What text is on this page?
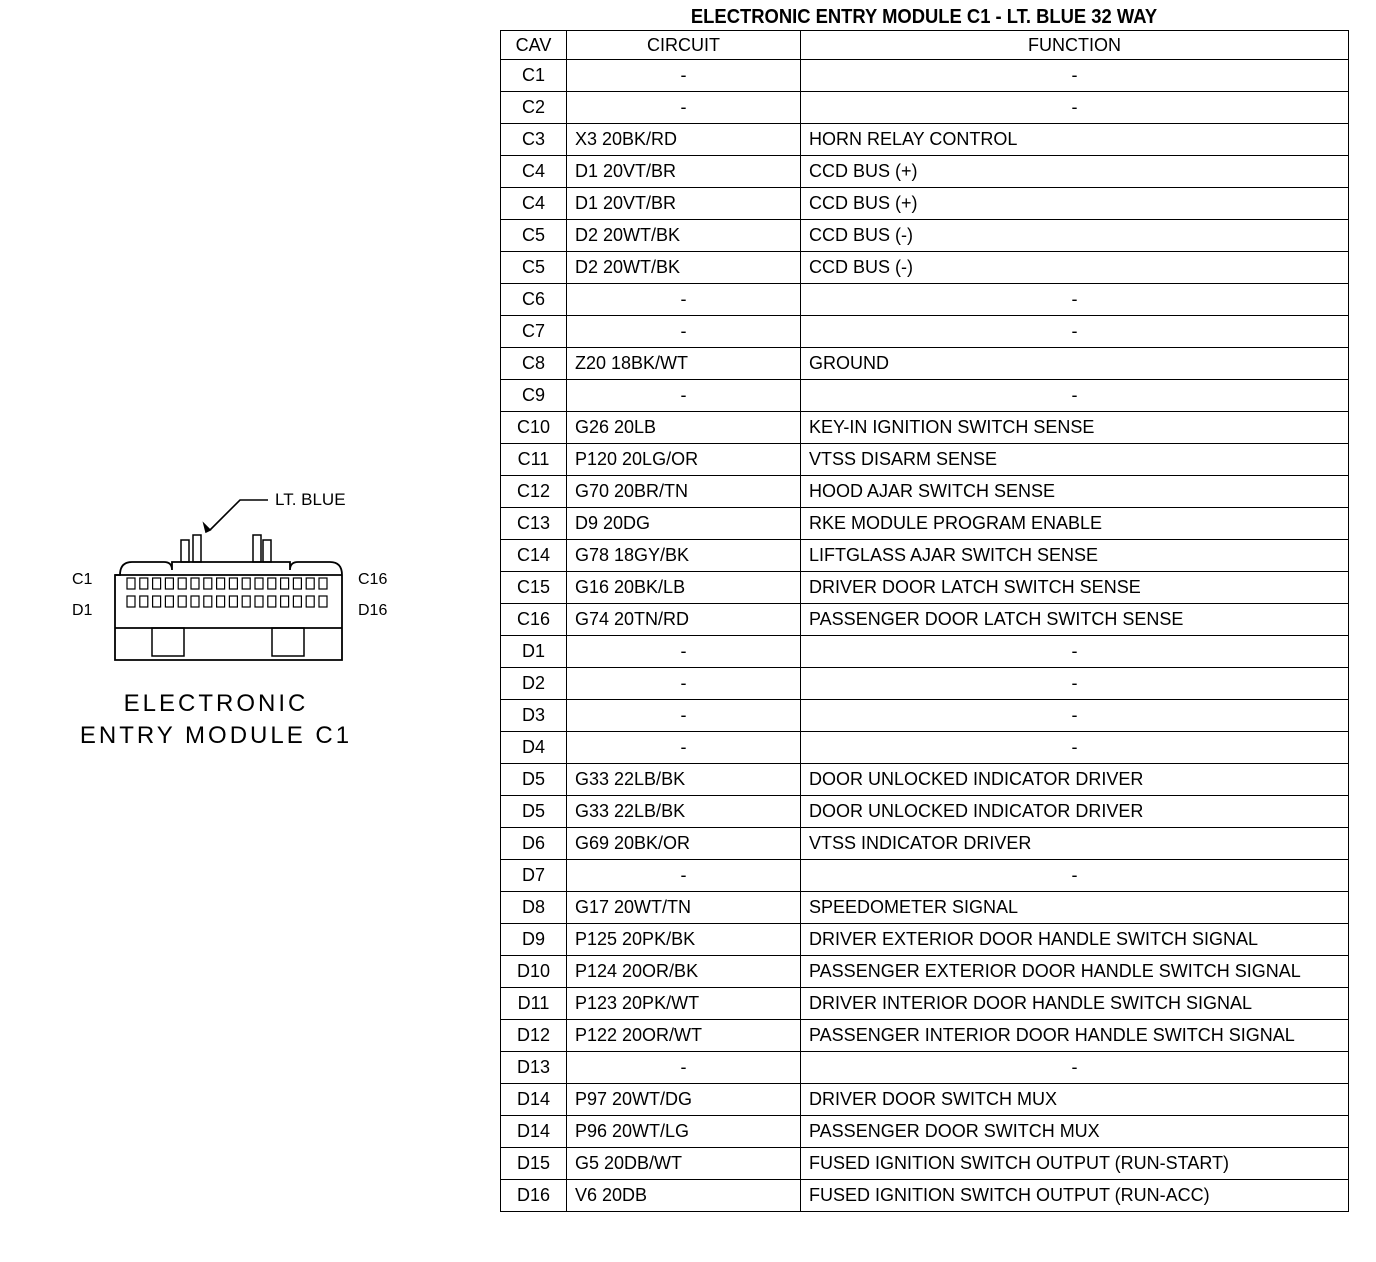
ELECTRONIC ENTRY MODULE C1 - LT. BLUE 32 WAY
CAV	CIRCUIT	FUNCTION
C1	-	-
C2	-	-
C3	X3 20BK/RD	HORN RELAY CONTROL
C4	D1 20VT/BR	CCD BUS (+)
C4	D1 20VT/BR	CCD BUS (+)
C5	D2 20WT/BK	CCD BUS (-)
C5	D2 20WT/BK	CCD BUS (-)
C6	-	-
C7	-	-
C8	Z20 18BK/WT	GROUND
C9	-	-
C10	G26 20LB	KEY-IN IGNITION SWITCH SENSE
C11	P120 20LG/OR	VTSS DISARM SENSE
C12	G70 20BR/TN	HOOD AJAR SWITCH SENSE
C13	D9 20DG	RKE MODULE PROGRAM ENABLE
C14	G78 18GY/BK	LIFTGLASS AJAR SWITCH SENSE
C15	G16 20BK/LB	DRIVER DOOR LATCH SWITCH SENSE
C16	G74 20TN/RD	PASSENGER DOOR LATCH SWITCH SENSE
D1	-	-
D2	-	-
D3	-	-
D4	-	-
D5	G33 22LB/BK	DOOR UNLOCKED INDICATOR DRIVER
D5	G33 22LB/BK	DOOR UNLOCKED INDICATOR DRIVER
D6	G69 20BK/OR	VTSS INDICATOR DRIVER
D7	-	-
D8	G17 20WT/TN	SPEEDOMETER SIGNAL
D9	P125 20PK/BK	DRIVER EXTERIOR DOOR HANDLE SWITCH SIGNAL
D10	P124 20OR/BK	PASSENGER EXTERIOR DOOR HANDLE SWITCH SIGNAL
D11	P123 20PK/WT	DRIVER INTERIOR DOOR HANDLE SWITCH SIGNAL
D12	P122 20OR/WT	PASSENGER INTERIOR DOOR HANDLE SWITCH SIGNAL
D13	-	-
D14	P97 20WT/DG	DRIVER DOOR SWITCH MUX
D14	P96 20WT/LG	PASSENGER DOOR SWITCH MUX
D15	G5 20DB/WT	FUSED IGNITION SWITCH OUTPUT (RUN-START)
D16	V6 20DB	FUSED IGNITION SWITCH OUTPUT (RUN-ACC)
LT. BLUE
C1
D1
C16
D16
ELECTRONIC
ENTRY MODULE C1
